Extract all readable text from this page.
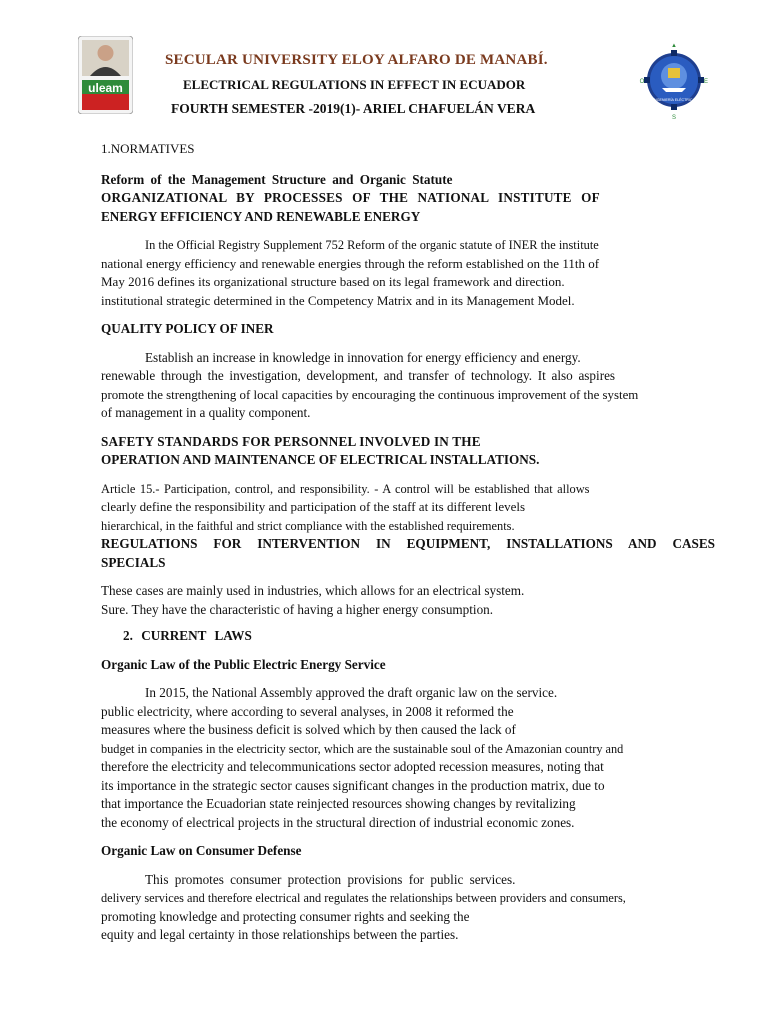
uleam
SECULAR UNIVERSITY ELOY ALFARO DE MANABÍ.
ELECTRICAL REGULATIONS IN EFFECT IN ECUADOR
FOURTH SEMESTER -2019(1)- ARIEL CHAFUELÁN VERA
▲
S
O	E
INGENIERÍA ELÉCTRICA

1.NORMATIVES

Reform of the Management Structure and Organic Statute

ORGANIZATIONAL BY PROCESSES OF THE NATIONAL INSTITUTE OF

ENERGY EFFICIENCY AND RENEWABLE ENERGY

In the Official Registry Supplement 752 Reform of the organic statute of INER the institute

national energy efficiency and renewable energies through the reform established on the 11th of

May 2016 defines its organizational structure based on its legal framework and direction.

institutional strategic determined in the Competency Matrix and in its Management Model.

QUALITY POLICY OF INER

Establish an increase in knowledge in innovation for energy efficiency and energy.

renewable through the investigation, development, and transfer of technology. It also aspires

promote the strengthening of local capacities by encouraging the continuous improvement of the system

of management in a quality component.

SAFETY STANDARDS FOR PERSONNEL INVOLVED IN THE

OPERATION AND MAINTENANCE OF ELECTRICAL INSTALLATIONS.

Article 15.- Participation, control, and responsibility. - A control will be established that allows

clearly define the responsibility and participation of the staff at its different levels

hierarchical, in the faithful and strict compliance with the established requirements.

REGULATIONS FOR INTERVENTION IN EQUIPMENT, INSTALLATIONS AND CASES SPECIALS

These cases are mainly used in industries, which allows for an electrical system.

Sure. They have the characteristic of having a higher energy consumption.

2. CURRENT LAWS

Organic Law of the Public Electric Energy Service

In 2015, the National Assembly approved the draft organic law on the service.

public electricity, where according to several analyses, in 2008 it reformed the

measures where the business deficit is solved which by then caused the lack of

budget in companies in the electricity sector, which are the sustainable soul of the Amazonian country and

therefore the electricity and telecommunications sector adopted recession measures, noting that

its importance in the strategic sector causes significant changes in the production matrix, due to

that importance the Ecuadorian state reinjected resources showing changes by revitalizing

the economy of electrical projects in the structural direction of industrial economic zones.

Organic Law on Consumer Defense

This promotes consumer protection provisions for public services.

delivery services and therefore electrical and regulates the relationships between providers and consumers,

promoting knowledge and protecting consumer rights and seeking the

equity and legal certainty in those relationships between the parties.
